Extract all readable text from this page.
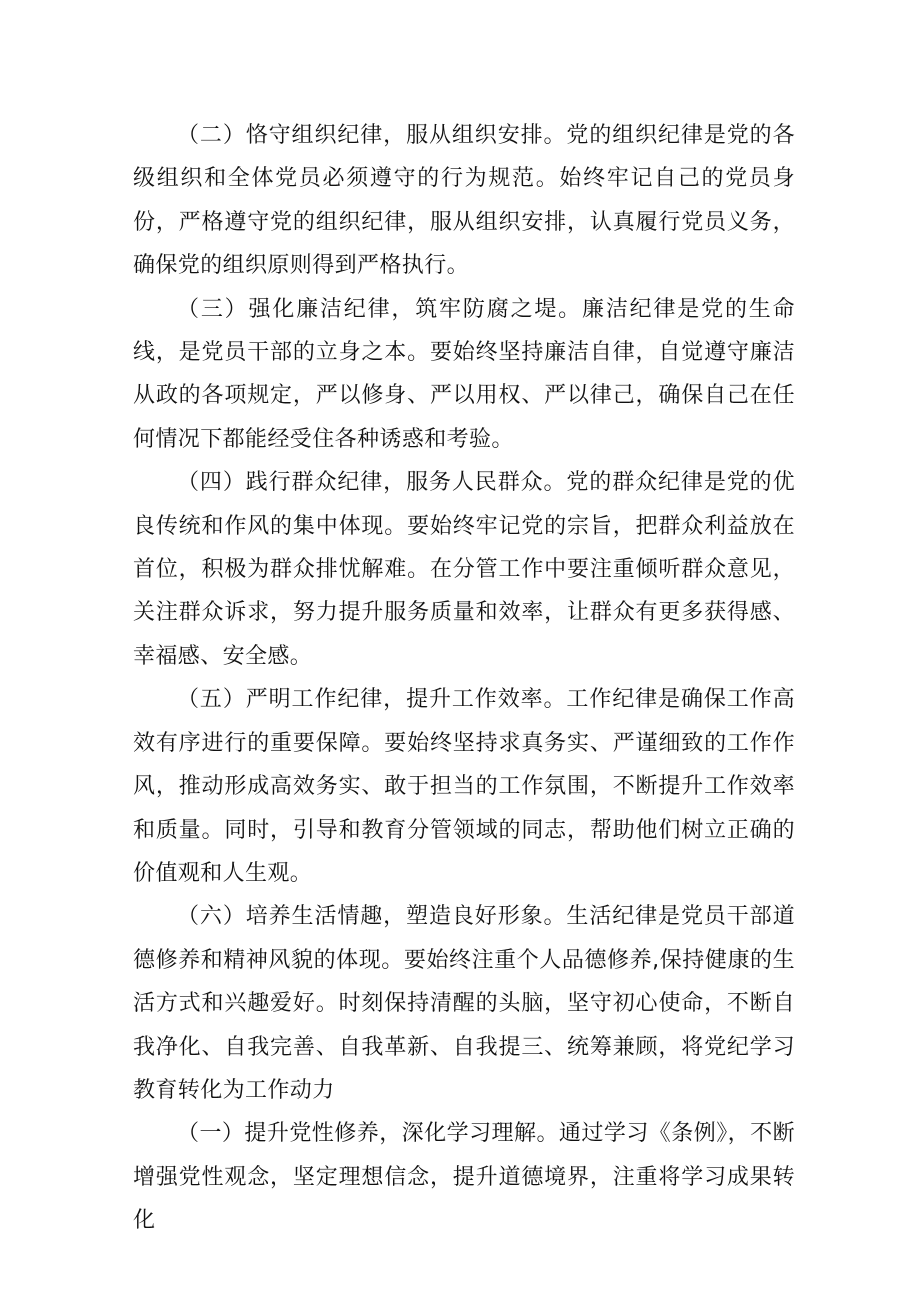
（二）恪守组织纪律，服从组织安排。党的组织纪律是党的各级组织和全体党员必须遵守的行为规范。始终牢记自己的党员身份，严格遵守党的组织纪律，服从组织安排，认真履行党员义务，确保党的组织原则得到严格执行。

（三）强化廉洁纪律，筑牢防腐之堤。廉洁纪律是党的生命线，是党员干部的立身之本。要始终坚持廉洁自律，自觉遵守廉洁从政的各项规定，严以修身、严以用权、严以律己，确保自己在任何情况下都能经受住各种诱惑和考验。

（四）践行群众纪律，服务人民群众。党的群众纪律是党的优良传统和作风的集中体现。要始终牢记党的宗旨，把群众利益放在首位，积极为群众排忧解难。在分管工作中要注重倾听群众意见，关注群众诉求，努力提升服务质量和效率，让群众有更多获得感、幸福感、安全感。

（五）严明工作纪律，提升工作效率。工作纪律是确保工作高效有序进行的重要保障。要始终坚持求真务实、严谨细致的工作作风，推动形成高效务实、敢于担当的工作氛围，不断提升工作效率和质量。同时，引导和教育分管领域的同志，帮助他们树立正确的价值观和人生观。

（六）培养生活情趣，塑造良好形象。生活纪律是党员干部道德修养和精神风貌的体现。要始终注重个人品德修养,保持健康的生活方式和兴趣爱好。时刻保持清醒的头脑，坚守初心使命，不断自我净化、自我完善、自我革新、自我提三、统筹兼顾，将党纪学习教育转化为工作动力

（一）提升党性修养，深化学习理解。通过学习《条例》，不断增强党性观念，坚定理想信念，提升道德境界，注重将学习成果转化
